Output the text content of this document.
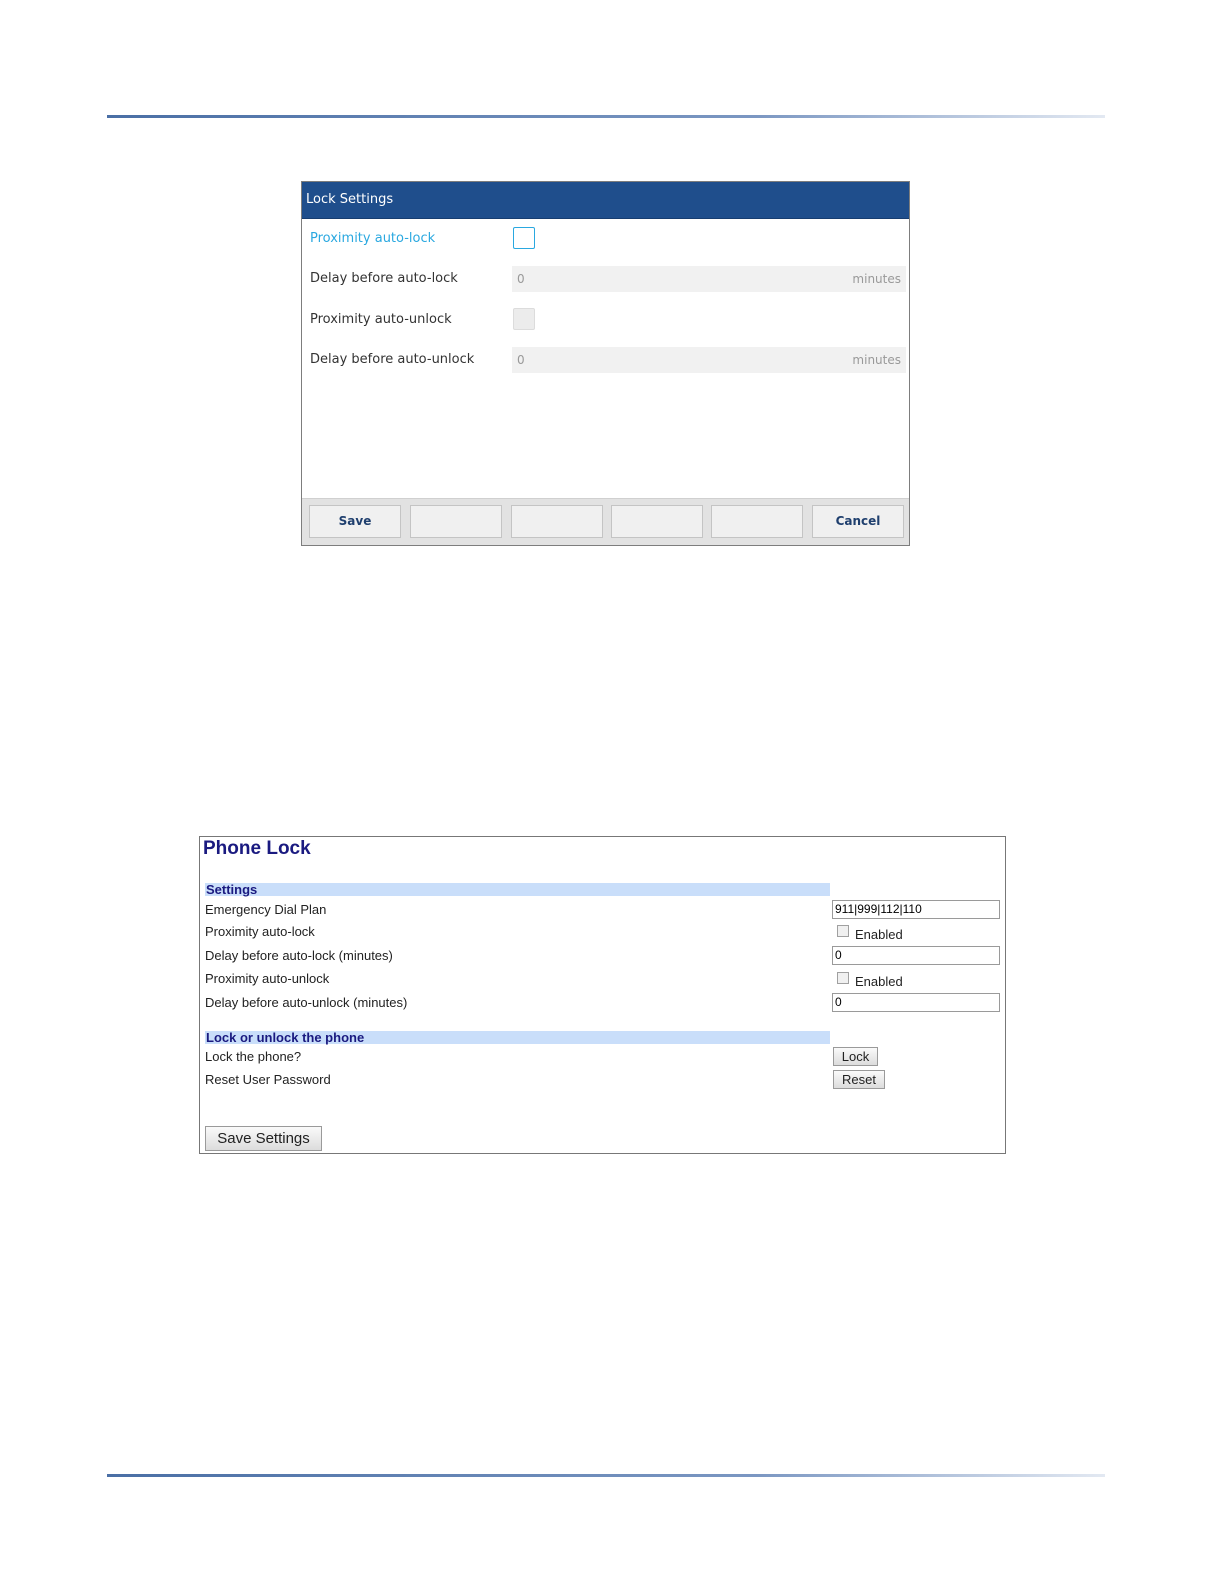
Lock Settings
Proximity auto-lock
Delay before auto-lock	0	minutes
Proximity auto-unlock
Delay before auto-unlock	0	minutes
Save	Cancel
Phone Lock
Settings
Emergency Dial Plan	911|999|112|110
Proximity auto-lock	Enabled
Delay before auto-lock (minutes)	0
Proximity auto-unlock	Enabled
Delay before auto-unlock (minutes)	0
Lock or unlock the phone
Lock the phone?	Lock
Reset User Password	Reset
Save Settings
